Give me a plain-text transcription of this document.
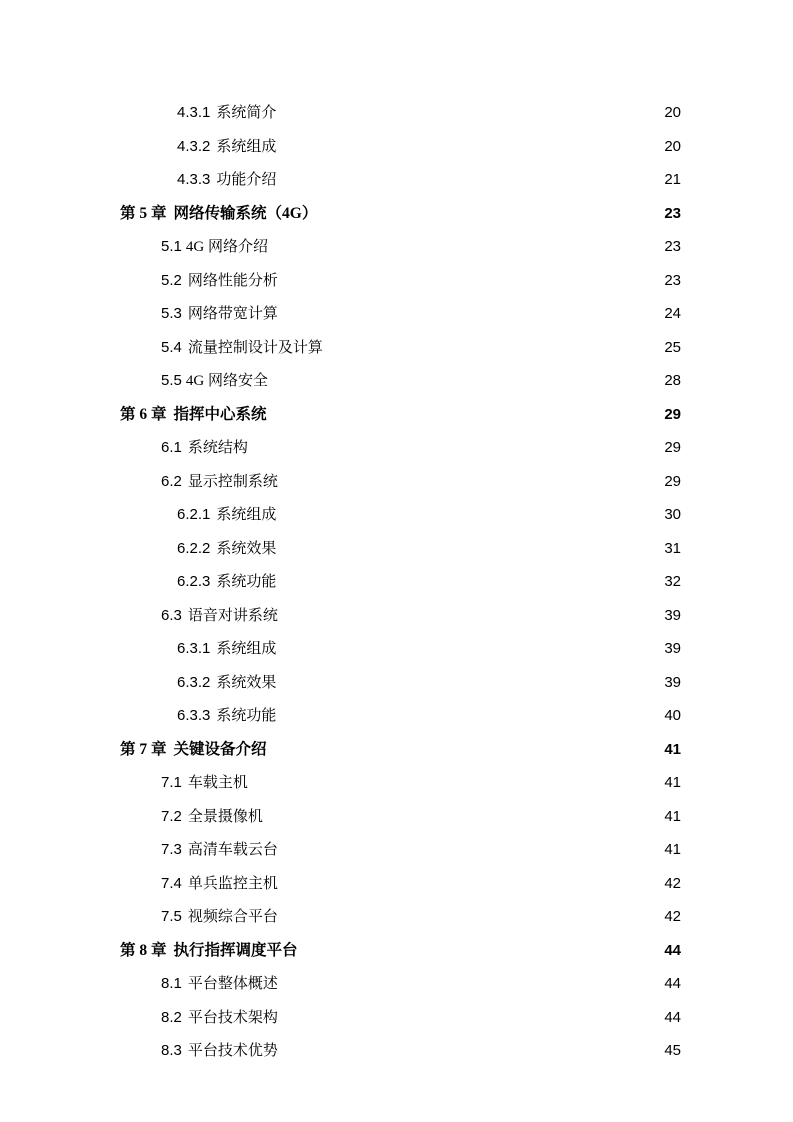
4.3.1 系统简介 .....	20
4.3.2 系统组成 .....	20
4.3.3 功能介绍 .....	21
第 5 章 网络传输系统（4G） .....	23
5.1 4G 网络介绍 .....	23
5.2 网络性能分析 .....	23
5.3 网络带宽计算 .....	24
5.4 流量控制设计及计算 .....	25
5.5 4G 网络安全 .....	28
第 6 章 指挥中心系统 .....	29
6.1 系统结构 .....	29
6.2 显示控制系统 .....	29
6.2.1 系统组成 .....	30
6.2.2 系统效果 .....	31
6.2.3 系统功能 .....	32
6.3 语音对讲系统 .....	39
6.3.1 系统组成 .....	39
6.3.2 系统效果 .....	39
6.3.3 系统功能 .....	40
第 7 章 关键设备介绍 .....	41
7.1 车载主机 .....	41
7.2 全景摄像机 .....	41
7.3 高清车载云台 .....	41
7.4 单兵监控主机 .....	42
7.5 视频综合平台 .....	42
第 8 章 执行指挥调度平台 .....	44
8.1 平台整体概述 .....	44
8.2 平台技术架构 .....	44
8.3 平台技术优势 .....	45
